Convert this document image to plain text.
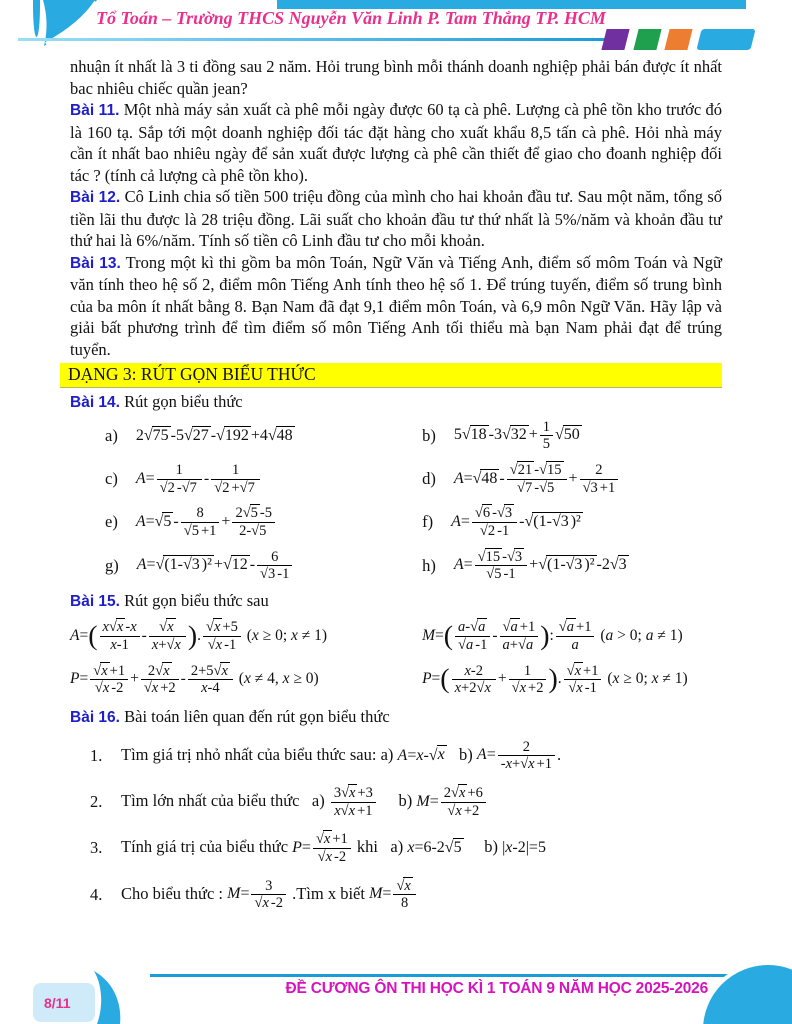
Tổ Toán – Trường THCS Nguyễn Văn Linh P. Tam Thắng TP. HCM

nhuận ít nhất là 3 ti đồng sau 2 năm. Hỏi trung bình mỗi thánh doanh nghiệp phải bán được ít nhất bac nhiêu chiếc quần jean?

Bài 11. Một nhà máy sản xuất cà phê mỗi ngày được 60 tạ cà phê. Lượng cà phê tồn kho trước đó là 160 tạ. Sắp tới một doanh nghiệp đối tác đặt hàng cho xuất khẩu 8,5 tấn cà phê. Hỏi nhà máy cần ít nhất bao nhiêu ngày để sản xuất được lượng cà phê cần thiết để giao cho đoanh nghiệp đối tác ? (tính cả lượng cà phê tồn kho).

Bài 12. Cô Linh chia số tiền 500 triệu đồng của mình cho hai khoản đầu tư. Sau một năm, tổng số tiền lãi thu được là 28 triệu đồng. Lãi suất cho khoản đầu tư thứ nhất là 5%/năm và khoản đầu tư thứ hai là 6%/năm. Tính số tiền cô Linh đầu tư cho mỗi khoản.

Bài 13. Trong một kì thi gồm ba môn Toán, Ngữ Văn và Tiếng Anh, điểm số môm Toán và Ngữ văn tính theo hệ số 2, điểm môn Tiếng Anh tính theo hệ số 1. Để trúng tuyến, điểm số trung bình của ba môn ít nhất bằng 8. Bạn Nam đã đạt 9,1 điểm môn Toán, và 6,9 môn Ngữ Văn. Hãy lập và giải bất phương trình để tìm điểm số môn Tiếng Anh tối thiểu mà bạn Nam phải đạt để trúng tuyển.

DẠNG 3: RÚT GỌN BIỂU THỨC

Bài 14. Rút gọn biểu thức

a) 2√75 -5√27 -√192 +4√48	b) 5√18 $-3√32 + \frac{1}{5} √50$
c) $A= \frac{1}{√2 -√7} - \frac{1}{√2 +√7}$	d) $A=√48 - \frac{√21 -√15}{√7 -√5} + \frac{2}{√3 +1}$
e) $A=√5 - \frac{8}{√5 +1} + \frac{2√5 -5}{2-√5}$	f) $A= \frac{√6 -√3}{√2 -1} -√(1-√3$ )²
g) A=√(1-√3 )$^2 +√12 - \frac{6}{√3 -1}$	h) $A= \frac{√15 -√3}{√5 -1} +√(1-√3$ )² -2√3

Bài 15. Rút gọn biểu thức sau

$A=( \frac{x√x -x}{x-1} - \frac{√x}{x+√x}$ ). $\frac{√x +5}{√x -1} (x \ge 0$; x ≠ 1)	$M=( \frac{a-√a}{√a -1} - \frac{√a +1}{a+√a}$ ): $\frac{√a +1}{a} (a > 0$; a ≠ 1)
$P= \frac{√x +1}{√x -2} + \frac{2√x}{√x +2} - \frac{2+5√x}{x-4} (x \ne 4$, x ≥ 0)	$P=( \frac{x-2}{x+2√x} + \frac{1}{√x +2}$ ). $\frac{√x +1}{√x -1} (x \ge 0$; x ≠ 1)

Bài 16. Bài toán liên quan đến rút gọn biểu thức

1.	Tìm giá trị nhỏ nhất của biểu thức sau: a) A=x-√x   b) $A= \frac{2}{-x+√x +1}$ .
2.	Tìm lớn nhất của biểu thức   $a) \frac{3√x +3}{x√x +1} b$) $M= \frac{2√x +6}{√x +2}$
3.	Tính giá trị của biểu thức $P= \frac{√x +1}{√x -2}$ khi   a) x=6-2√5     b) |x-2|=5
4.	Cho biểu thức : $M= \frac{3}{√x -2}$ .Tìm x biết $M= \frac{√x}{8}$
ĐỀ CƯƠNG ÔN THI HỌC KÌ 1 TOÁN 9 NĂM HỌC 2025-2026
8/11
